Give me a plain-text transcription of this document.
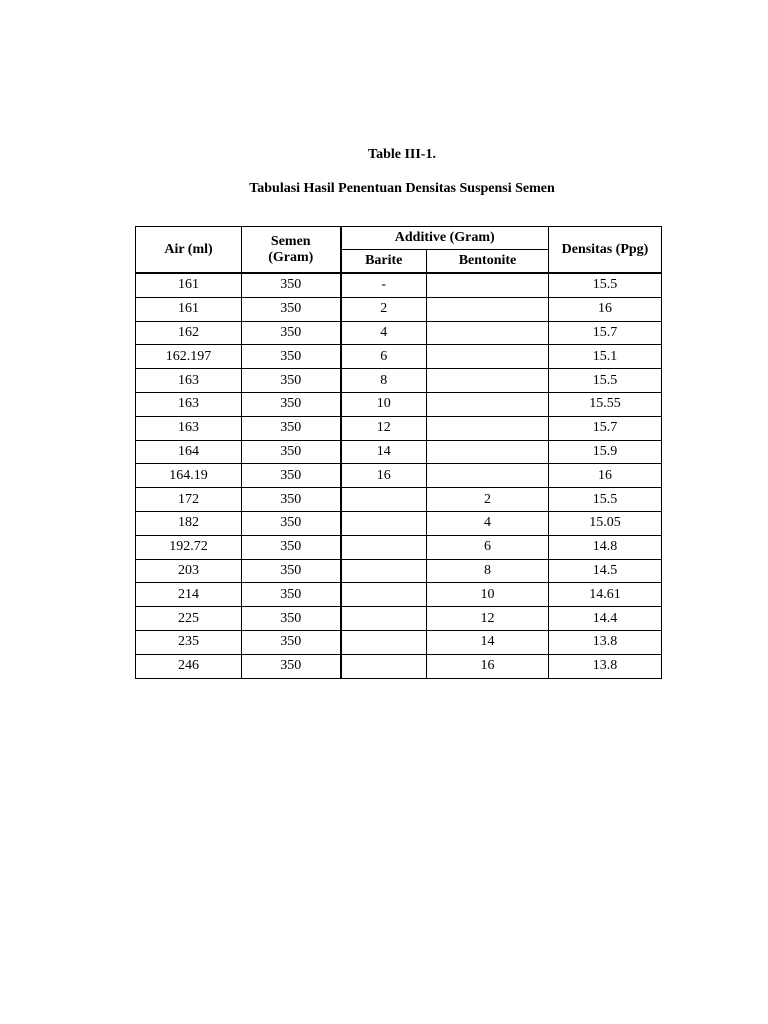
Table III-1.
Tabulasi Hasil Penentuan Densitas Suspensi Semen
Air (ml)	Semen (Gram)	Additive (Gram)		Densitas (Ppg)
		Barite	Bentonite	
161	350	-		15.5
161	350	2		16
162	350	4		15.7
162.197	350	6		15.1
163	350	8		15.5
163	350	10		15.55
163	350	12		15.7
164	350	14		15.9
164.19	350	16		16
172	350		2	15.5
182	350		4	15.05
192.72	350		6	14.8
203	350		8	14.5
214	350		10	14.61
225	350		12	14.4
235	350		14	13.8
246	350		16	13.8
